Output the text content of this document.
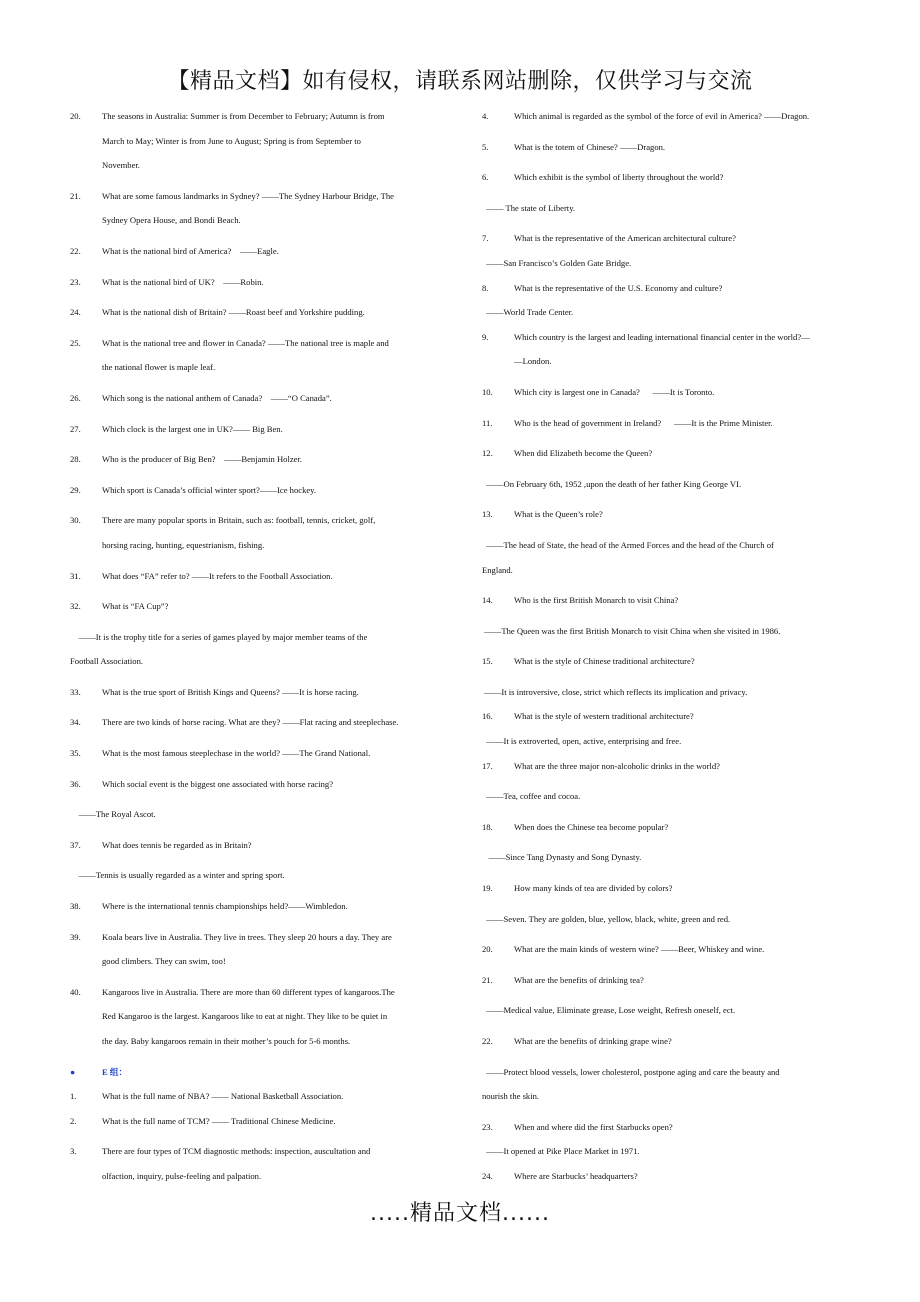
【精品文档】如有侵权，请联系网站删除，仅供学习与交流
20. The seasons in Australia: Summer is from December to February; Autumn is from
March to May; Winter is from June to August; Spring is from September to
November.
21. What are some famous landmarks in Sydney? ——The Sydney Harbour Bridge, The
Sydney Opera House, and Bondi Beach.
22. What is the national bird of America?    ——Eagle.
23. What is the national bird of UK?    ——Robin.
24. What is the national dish of Britain? ——Roast beef and Yorkshire pudding.
25. What is the national tree and flower in Canada? ——The national tree is maple and
the national flower is maple leaf.
26. Which song is the national anthem of Canada?    ——“O Canada”.
27. Which clock is the largest one in UK?—— Big Ben.
28. Who is the producer of Big Ben?    ——Benjamin Holzer.
29. Which sport is Canada’s official winter sport?——Ice hockey.
30. There are many popular sports in Britain, such as: football, tennis, cricket, golf,
horsing racing, hunting, equestrianism, fishing.
31. What does “FA” refer to? ——It refers to the Football Association.
32. What is “FA Cup”?
——It is the trophy title for a series of games played by major member teams of the
Football Association.
33. What is the true sport of British Kings and Queens? ——It is horse racing.
34. There are two kinds of horse racing. What are they? ——Flat racing and steeplechase.
35. What is the most famous steeplechase in the world? ——The Grand National.
36. Which social event is the biggest one associated with horse racing?
——The Royal Ascot.
37. What does tennis be regarded as in Britain?
——Tennis is usually regarded as a winter and spring sport.
38. Where is the international tennis championships held?——Wimbledon.
39. Koala bears live in Australia. They live in trees. They sleep 20 hours a day. They are
good climbers. They can swim, too!
40. Kangaroos live in Australia. There are more than 60 different types of kangaroos.The
Red Kangaroo is the largest. Kangaroos like to eat at night. They like to be quiet in
the day. Baby kangaroos remain in their mother’s pouch for 5-6 months.
●	E 组：
1.	What is the full name of NBA? —— National Basketball Association.
2.	What is the full name of TCM? —— Traditional Chinese Medicine.
3.	There are four types of TCM diagnostic methods: inspection, auscultation and
olfaction, inquiry, pulse-feeling and palpation.
4.	Which animal is regarded as the symbol of the force of evil in America? ——Dragon.
5.	What is the totem of Chinese? ——Dragon.
6.	Which exhibit is the symbol of liberty throughout the world?
—— The state of Liberty.
7.	What is the representative of the American architectural culture?
——San Francisco’s Golden Gate Bridge.
8.	What is the representative of the U.S. Economy and culture?
——World Trade Center.
9.	Which country is the largest and leading international financial center in the world?—
—London.
10. Which city is largest one in Canada?      ——It is Toronto.
11.	Who is the head of government in Ireland?      ——It is the Prime Minister.
12. When did Elizabeth become the Queen?
——On February 6th, 1952 ,upon the death of her father King George VI.
13. What is the Queen’s role?
——The head of State, the head of the Armed Forces and the head of the Church of
England.
14. Who is the first British Monarch to visit China?
——The Queen was the first British Monarch to visit China when she visited in 1986.
15. What is the style of Chinese traditional architecture?
——It is introversive, close, strict which reflects its implication and privacy.
16. What is the style of western traditional architecture?
——It is extroverted, open, active, enterprising and free.
17. What are the three major non-alcoholic drinks in the world?
——Tea, coffee and cocoa.
18. When does the Chinese tea become popular?
——Since Tang Dynasty and Song Dynasty.
19. How many kinds of tea are divided by colors?
——Seven. They are golden, blue, yellow, black, white, green and red.
20. What are the main kinds of western wine? ——Beer, Whiskey and wine.
21. What are the benefits of drinking tea?
——Medical value, Eliminate grease, Lose weight, Refresh oneself, ect.
22. What are the benefits of drinking grape wine?
——Protect blood vessels, lower cholesterol, postpone aging and care the beauty and
nourish the skin.
23. When and where did the first Starbucks open?
——It opened at Pike Place Market in 1971.
24. Where are Starbucks’ headquarters?
.....精品文档......
